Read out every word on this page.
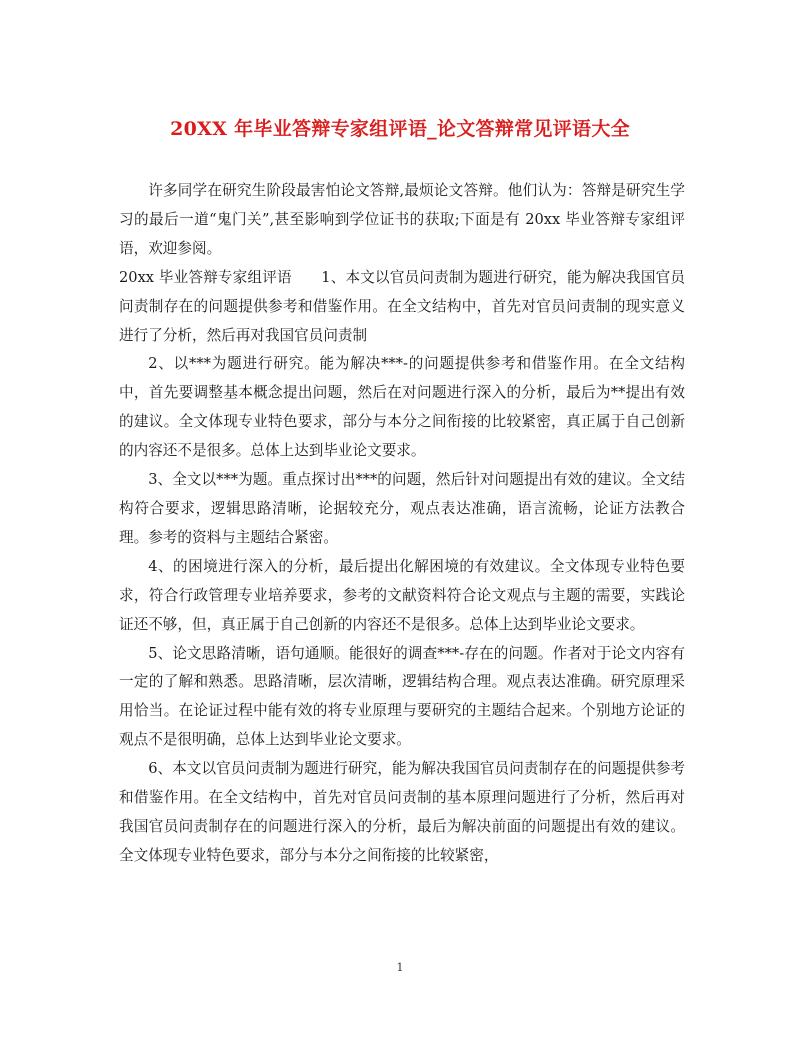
20XX 年毕业答辩专家组评语_论文答辩常见评语大全

许多同学在研究生阶段最害怕论文答辩,最烦论文答辩。他们认为：答辩是研究生学习的最后一道“鬼门关”,甚至影响到学位证书的获取;下面是有 20xx 毕业答辩专家组评语，欢迎参阅。

20xx 毕业答辩专家组评语　　1、本文以官员问责制为题进行研究，能为解决我国官员问责制存在的问题提供参考和借鉴作用。在全文结构中，首先对官员问责制的现实意义进行了分析，然后再对我国官员问责制

2、以***为题进行研究。能为解决***-的问题提供参考和借鉴作用。在全文结构中，首先要调整基本概念提出问题，然后在对问题进行深入的分析，最后为**提出有效的建议。全文体现专业特色要求，部分与本分之间衔接的比较紧密，真正属于自己创新的内容还不是很多。总体上达到毕业论文要求。

3、全文以***为题。重点探讨出***的问题，然后针对问题提出有效的建议。全文结构符合要求，逻辑思路清晰，论据较充分，观点表达准确，语言流畅，论证方法教合理。参考的资料与主题结合紧密。

4、的困境进行深入的分析，最后提出化解困境的有效建议。全文体现专业特色要求，符合行政管理专业培养要求，参考的文献资料符合论文观点与主题的需要，实践论证还不够，但，真正属于自己创新的内容还不是很多。总体上达到毕业论文要求。

5、论文思路清晰，语句通顺。能很好的调查***-存在的问题。作者对于论文内容有一定的了解和熟悉。思路清晰，层次清晰，逻辑结构合理。观点表达准确。研究原理采用恰当。在论证过程中能有效的将专业原理与要研究的主题结合起来。个别地方论证的观点不是很明确，总体上达到毕业论文要求。

6、本文以官员问责制为题进行研究，能为解决我国官员问责制存在的问题提供参考和借鉴作用。在全文结构中，首先对官员问责制的基本原理问题进行了分析，然后再对我国官员问责制存在的问题进行深入的分析，最后为解决前面的问题提出有效的建议。全文体现专业特色要求，部分与本分之间衔接的比较紧密，

1
